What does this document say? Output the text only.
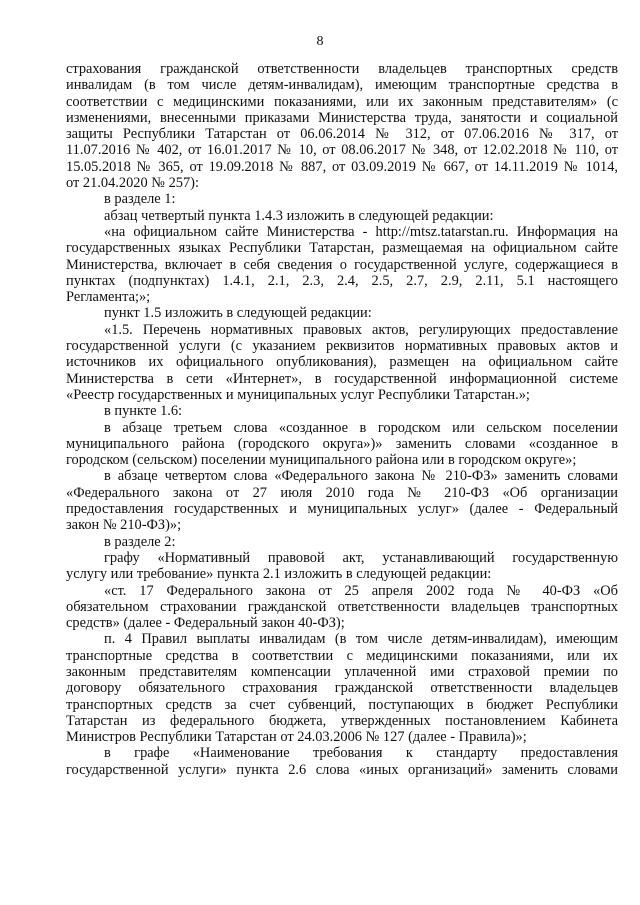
8
страхования гражданской ответственности владельцев транспортных средств
инвалидам (в том числе детям-инвалидам), имеющим транспортные средства в
соответствии с медицинскими показаниями, или их законным представителям» (с
изменениями, внесенными приказами Министерства труда, занятости и социальной
защиты Республики Татарстан от 06.06.2014 № 312, от 07.06.2016 № 317, от
11.07.2016 № 402, от 16.01.2017 № 10, от 08.06.2017 № 348, от 12.02.2018 № 110, от
15.05.2018 № 365, от 19.09.2018 № 887, от 03.09.2019 № 667, от 14.11.2019 № 1014,
от 21.04.2020 № 257):
в разделе 1:
абзац четвертый пункта 1.4.3 изложить в следующей редакции:
«на официальном сайте Министерства - http://mtsz.tatarstan.ru. Информация на
государственных языках Республики Татарстан, размещаемая на официальном сайте
Министерства, включает в себя сведения о государственной услуге, содержащиеся в
пунктах (подпунктах) 1.4.1, 2.1, 2.3, 2.4, 2.5, 2.7, 2.9, 2.11, 5.1 настоящего
Регламента;»;
пункт 1.5 изложить в следующей редакции:
«1.5. Перечень нормативных правовых актов, регулирующих предоставление
государственной услуги (с указанием реквизитов нормативных правовых актов и
источников их официального опубликования), размещен на официальном сайте
Министерства в сети «Интернет», в государственной информационной системе
«Реестр государственных и муниципальных услуг Республики Татарстан.»;
в пункте 1.6:
в абзаце третьем слова «созданное в городском или сельском поселении
муниципального района (городского округа»)» заменить словами «созданное в
городском (сельском) поселении муниципального района или в городском округе»;
в абзаце четвертом слова «Федерального закона № 210-ФЗ» заменить словами
«Федерального закона от 27 июля 2010 года № 210-ФЗ «Об организации
предоставления государственных и муниципальных услуг» (далее - Федеральный
закон № 210-ФЗ)»;
в разделе 2:
графу «Нормативный правовой акт, устанавливающий государственную
услугу или требование» пункта 2.1 изложить в следующей редакции:
«ст. 17 Федерального закона от 25 апреля 2002 года № 40-ФЗ «Об
обязательном страховании гражданской ответственности владельцев транспортных
средств» (далее - Федеральный закон 40-ФЗ);
п. 4 Правил выплаты инвалидам (в том числе детям-инвалидам), имеющим
транспортные средства в соответствии с медицинскими показаниями, или их
законным представителям компенсации уплаченной ими страховой премии по
договору обязательного страхования гражданской ответственности владельцев
транспортных средств за счет субвенций, поступающих в бюджет Республики
Татарстан из федерального бюджета, утвержденных постановлением Кабинета
Министров Республики Татарстан от 24.03.2006 № 127 (далее - Правила)»;
в графе «Наименование требования к стандарту предоставления
государственной услуги» пункта 2.6 слова «иных организаций» заменить словами
